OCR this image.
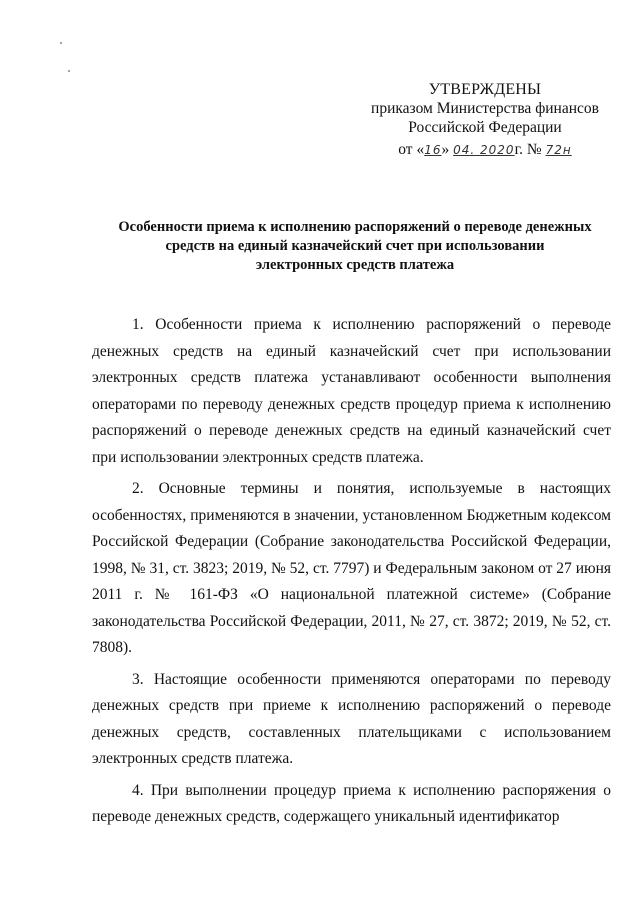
УТВЕРЖДЕНЫ
приказом Министерства финансов
Российской Федерации
от «16» 04. 2020г. № 72н
Особенности приема к исполнению распоряжений о переводе денежных
средств на единый казначейский счет при использовании
электронных средств платежа

1. Особенности приема к исполнению распоряжений о переводе денежных средств на единый казначейский счет при использовании электронных средств платежа устанавливают особенности выполнения операторами по переводу денежных средств процедур приема к исполнению распоряжений о переводе денежных средств на единый казначейский счет при использовании электронных средств платежа.

2. Основные термины и понятия, используемые в настоящих особенностях, применяются в значении, установленном Бюджетным кодексом Российской Федерации (Собрание законодательства Российской Федерации, 1998, № 31, ст. 3823; 2019, № 52, ст. 7797) и Федеральным законом от 27 июня 2011 г. № 161-ФЗ «О национальной платежной системе» (Собрание законодательства Российской Федерации, 2011, № 27, ст. 3872; 2019, № 52, ст. 7808).

3. Настоящие особенности применяются операторами по переводу денежных средств при приеме к исполнению распоряжений о переводе денежных средств, составленных плательщиками с использованием электронных средств платежа.

4. При выполнении процедур приема к исполнению распоряжения о переводе денежных средств, содержащего уникальный идентификатор
